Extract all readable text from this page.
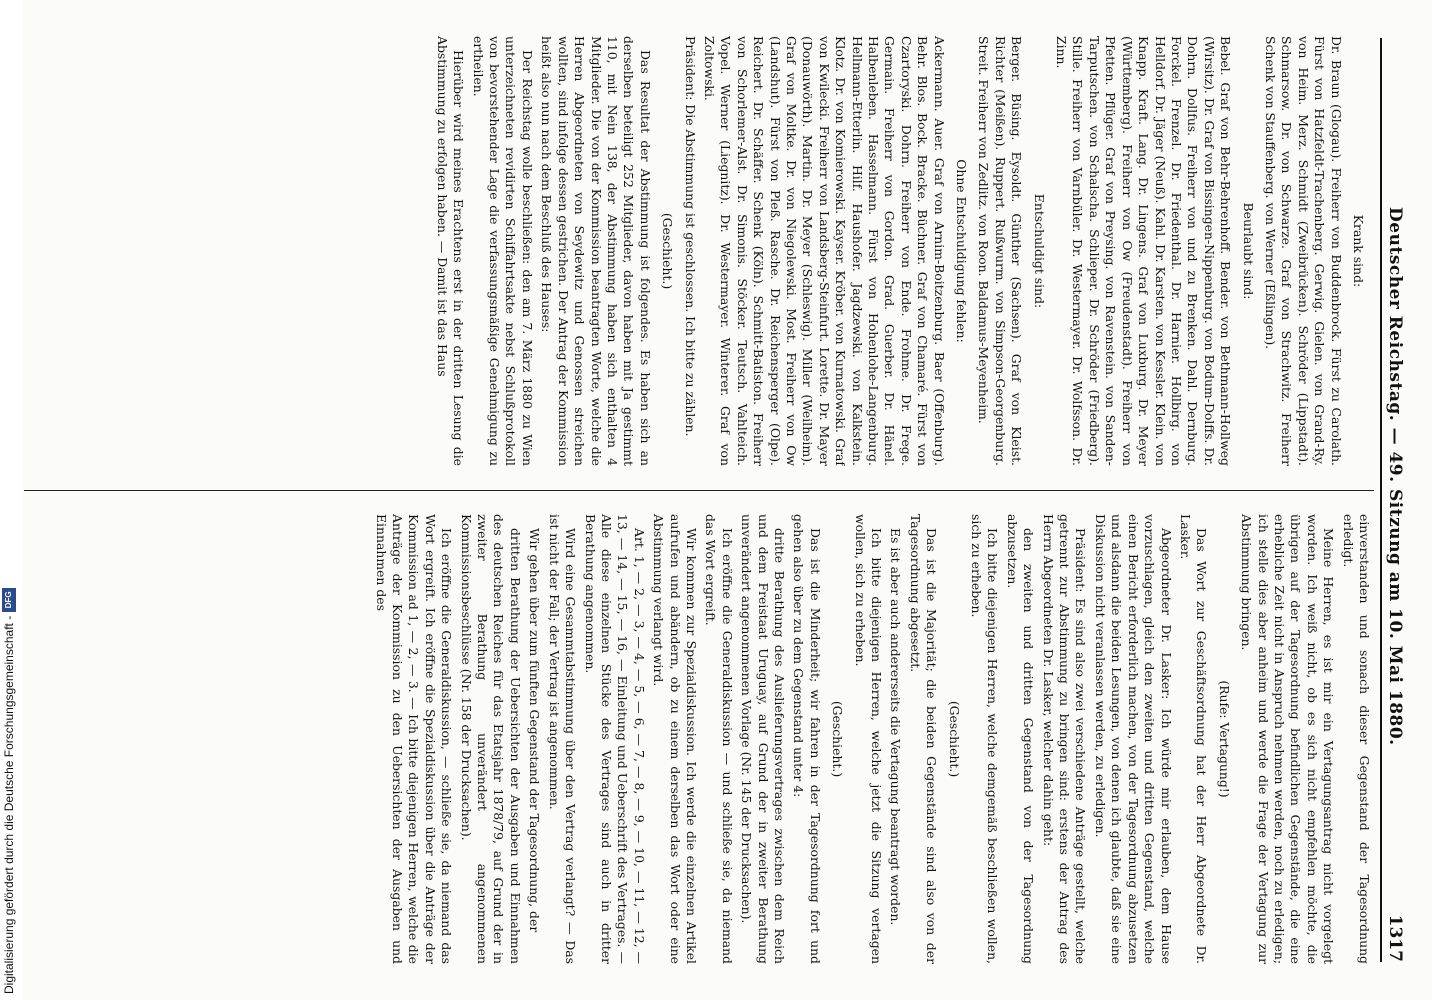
Deutscher Reichstag. — 49. Sitzung am 10. Mai 1880.
1317

Krank sind:

Dr. Braun (Glogau). Freiherr von Buddenbrock. Fürst zu Carolath. Fürst von Hatzfeldt-Trachenberg. Gerwig. Gielen. von Grand-Ry. von Heim. Merz. Schmidt (Zweibrücken). Schröder (Lippstadt). Schmarsow. Dr. von Schwarze. Graf von Strachwitz. Freiherr Schenk von Stauffenberg. von Werner (Eßlingen).

Beurlaubt sind:

Bebel. Graf von Behr-Behrenhoff. Bender. von Bethmann-Hollweg (Wirsitz). Dr. Graf von Bissingen-Nippenburg. von Bodum-Dolffs. Dr. Dohrn. Dollfus. Freiherr von und zu Brenken. Dahl. Dernburg. Forckel. Frenzel. Dr. Friedenthal. Dr. Harnier. Hollbirg. von Helldorf. Dr. Jäger (Neuß). Kahl. Dr. Karsten. von Kessler. Klein. von Knapp. Kraft. Lang. Dr. Lingens. Graf von Luxburg. Dr. Meyer (Württemberg). Freiherr von Ow (Freudenstadt). Freiherr von Pfetten. Pflüger. Graf von Preysing. von Ravenstein. von Sanden-Tarputschen. von Schalscha. Schlieper. Dr. Schröder (Friedberg). Stille. Freiherr von Varnbüler. Dr. Westermayer. Dr. Wolfsson. Dr. Zinn.

Entschuldigt sind:

Berger. Büsing. Eysoldt. Günther (Sachsen). Graf von Kleist. Richter (Meißen). Ruppert. Rußwurm. von Simpson-Georgenburg. Streit. Freiherr von Zedlitz. von Roon. Baldamus-Meyenheim.

Ohne Entschuldigung fehlen:

Ackermann. Auer. Graf von Arnim-Boitzenburg. Baer (Offenburg). Behr. Blos. Bock. Bracke. Büchner. Graf von Chamaré. Fürst von Czartoryski. Dohrn. Freiherr von Ende. Frohme. Dr. Frege. Germain. Freiherr von Gordon. Grad. Guerber. Dr. Hänel. Halbenleben. Hasselmann. Fürst von Hohenlohe-Langenburg. Hellmann-Etterlin. Hilf. Haushofer. Jagdzewski. von Kalkstein. Klotz. Dr. von Komierowski. Kayser. Kröber. von Kurnatowski. Graf von Kwilecki. Freiherr von Landsberg-Steinfurt. Lorette. Dr. Mayer (Donauwörth). Martin. Dr. Meyer (Schleswig). Miller (Weilheim). Graf von Moltke. Dr. von Niegolewski. Most. Freiherr von Ow (Landshut). Fürst von Pleß. Rasche. Dr. Reichensperger (Olpe). Reichert. Dr. Schäffer. Schenk (Köln). Schmitt-Batiston. Freiherr von Schorlemer-Alst. Dr. Simonis. Stöcker. Teutsch. Vahlteich. Vopel. Werner (Liegnitz). Dr. Westermayer. Winterer. Graf von Zoltowski.

Präsident: Die Abstimmung ist geschlossen. Ich bitte zu zählen.

(Geschieht.)

Das Resultat der Abstimmung ist folgendes. Es haben sich an derselben beteiligt 252 Mitglieder, davon haben mit Ja gestimmt 110, mit Nein 138, der Abstimmung haben sich enthalten 4 Mitglieder. Die von der Kommission beantragten Worte, welche die Herren Abgeordneten von Seydewitz und Genossen streichen wollten, sind infolge dessen gestrichen. Der Antrag der Kommission heißt also nun nach dem Beschluß des Hauses:

Der Reichstag wolle beschließen: den am 7. März 1880 zu Wien unterzeichneten revidirten Schiffahrtsakte nebst Schlußprotokoll von bevorstehender Lage die verfassungsmäßige Genehmigung zu ertheilen.

Hierüber wird meines Erachtens erst in der dritten Lesung die Abstimmung zu erfolgen haben. — Damit ist das Haus

einverstanden und sonach dieser Gegenstand der Tagesordnung erledigt.

Meine Herren, es ist mir ein Vertagungsantrag nicht vorgelegt worden. Ich weiß nicht, ob es sich nicht empfehlen möchte, die übrigen auf der Tagesordnung befindlichen Gegenstände, die eine erhebliche Zeit nicht in Anspruch nehmen werden, noch zu erledigen; ich stelle dies aber anheim und werde die Frage der Vertagung zur Abstimmung bringen.

(Rufe: Vertagung!)

Das Wort zur Geschäftsordnung hat der Herr Abgeordnete Dr. Lasker.

Abgeordneter Dr. Lasker: Ich würde mir erlauben, dem Hause vorzuschlagen, gleich den zweiten und dritten Gegenstand, welche einen Bericht erforderlich machen, von der Tagesordnung abzusetzen und alsdann die beiden Lesungen, von denen ich glaubte, daß sie eine Diskussion nicht veranlassen werden, zu erledigen.

Präsident: Es sind also zwei verschiedene Anträge gestellt, welche getrennt zur Abstimmung zu bringen sind: erstens der Antrag des Herrn Abgeordneten Dr. Lasker, welcher dahin geht:

den zweiten und dritten Gegenstand von der Tagesordnung abzusetzen.

Ich bitte diejenigen Herren, welche demgemäß beschließen wollen, sich zu erheben.

(Geschieht.)

Das ist die Majorität; die beiden Gegenstände sind also von der Tagesordnung abgesetzt.

Es ist aber auch andererseits die Vertagung beantragt worden.

Ich bitte diejenigen Herren, welche jetzt die Sitzung vertagen wollen, sich zu erheben.

(Geschieht.)

Das ist die Minderheit; wir fahren in der Tagesordnung fort und gehen also über zu dem Gegenstand unter 4:

dritte Berathung des Auslieferungsvertrages zwischen dem Reich und dem Freistaat Uruguay, auf Grund der in zweiter Berathung unverändert angenommenen Vorlage (Nr. 145 der Drucksachen).

Ich eröffne die Generaldiskussion — und schließe sie, da niemand das Wort ergreift.

Wir kommen zur Spezialdiskussion. Ich werde die einzelnen Artikel aufrufen und abändern, ob zu einem derselben das Wort oder eine Abstimmung verlangt wird.

Art. 1, — 2, — 3, — 4, — 5, — 6, — 7, — 8, — 9, — 10, — 11, — 12, — 13, — 14, — 15, — 16, — Einleitung und Ueberschrift des Vertrages. — Alle diese einzelnen Stücke des Vertrages sind auch in dritter Berathung angenommen.

Wird eine Gesammtabstimmung über den Vertrag verlangt? — Das ist nicht der Fall; der Vertrag ist angenommen.

Wir gehen über zum fünften Gegenstand der Tagesordnung, der

dritten Berathung der Uebersichten der Ausgaben und Einnahmen des deutschen Reiches für das Etatsjahr 1878/79, auf Grund der in zweiter Berathung unverändert angenommenen Kommissionsbeschlüsse (Nr. 158 der Drucksachen).

Ich eröffne die Generaldiskussion, — schließe sie, da niemand das Wort ergreift. Ich eröffne die Spezialdiskussion über die Anträge der Kommission ad 1, — 2, — 3. — Ich bitte diejenigen Herren, welche die Anträge der Kommission zu den Uebersichten der Ausgaben und Einnahmen des

Digitalisierung gefördert durch die Deutsche Forschungsgemeinschaft -
DFG
